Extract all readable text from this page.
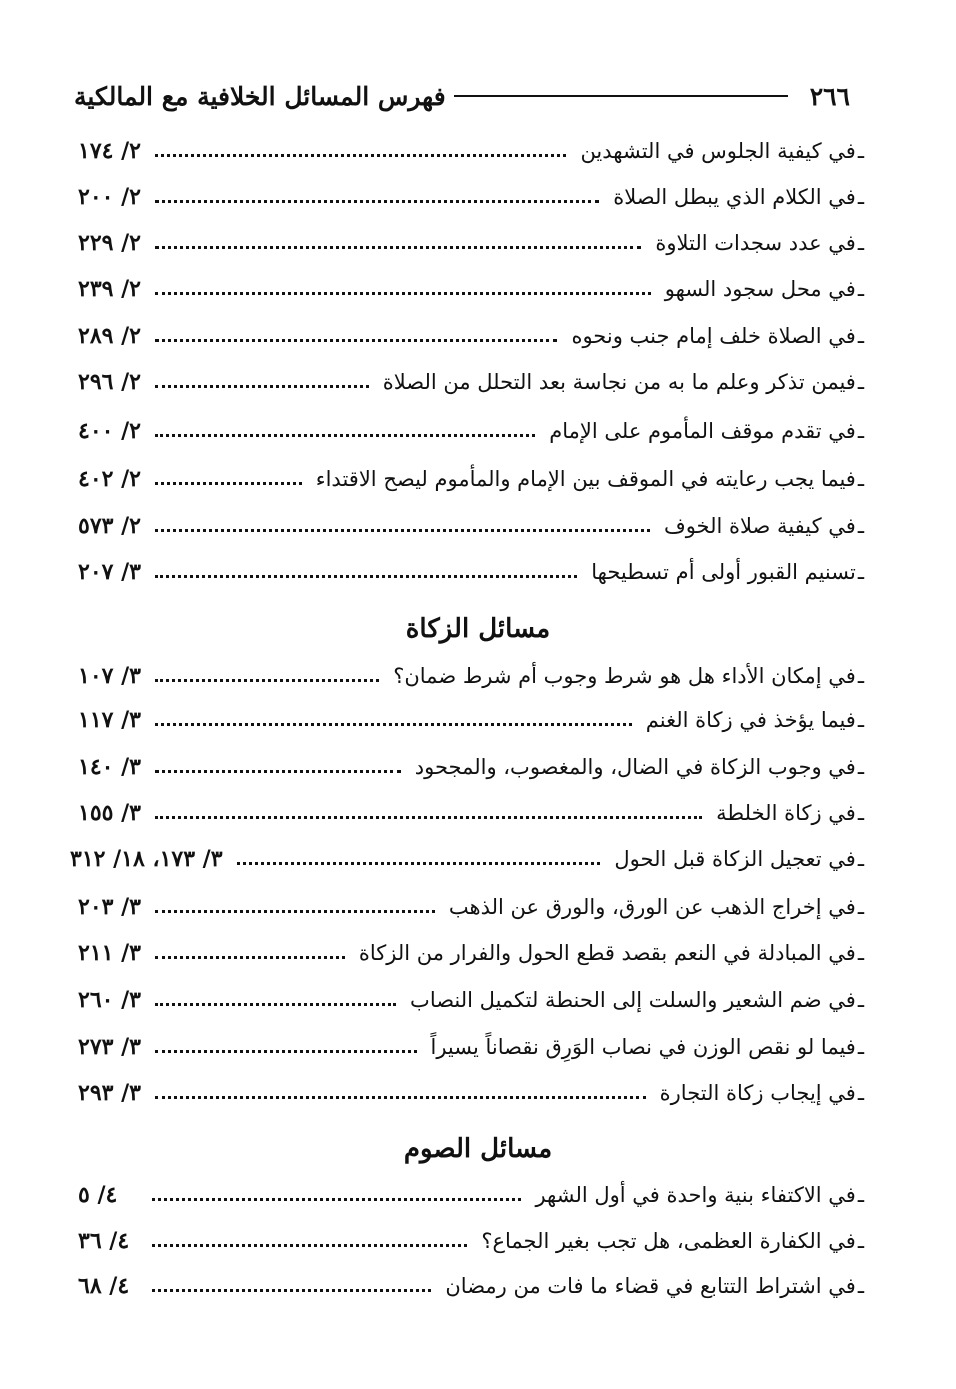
٢٦٦
فهرس المسائل الخلافية مع المالكية
ـ
في كيفية الجلوس في التشهدين
٢/ ١٧٤
ـ
في الكلام الذي يبطل الصلاة
٢/ ٢٠٠
ـ
في عدد سجدات التلاوة
٢/ ٢٢٩
ـ
في محل سجود السهو
٢/ ٢٣٩
ـ
في الصلاة خلف إمام جنب ونحوه
٢/ ٢٨٩
ـ
فيمن تذكر وعلم ما به من نجاسة بعد التحلل من الصلاة
٢/ ٢٩٦
ـ
في تقدم موقف المأموم على الإمام
٢/ ٤٠٠
ـ
فيما يجب رعايته في الموقف بين الإمام والمأموم ليصح الاقتداء
٢/ ٤٠٢
ـ
في كيفية صلاة الخوف
٢/ ٥٧٣
ـ
تسنيم القبور أولى أم تسطيحها
٣/ ٢٠٧
مسائل الزكاة
ـ
في إمكان الأداء هل هو شرط وجوب أم شرط ضمان؟
٣/ ١٠٧
ـ
فيما يؤخذ في زكاة الغنم
٣/ ١١٧
ـ
في وجوب الزكاة في الضال، والمغصوب، والمجحود
٣/ ١٤٠
ـ
في زكاة الخلطة
٣/ ١٥٥
ـ
في تعجيل الزكاة قبل الحول
٣/ ١٧٣، ١٨/ ٣١٢
ـ
في إخراج الذهب عن الورق، والورق عن الذهب
٣/ ٢٠٣
ـ
في المبادلة في النعم بقصد قطع الحول والفرار من الزكاة
٣/ ٢١١
ـ
في ضم الشعير والسلت إلى الحنطة لتكميل النصاب
٣/ ٢٦٠
ـ
فيما لو نقص الوزن في نصاب الوَرِق نقصاناً يسيراً
٣/ ٢٧٣
ـ
في إيجاب زكاة التجارة
٣/ ٢٩٣
مسائل الصوم
ـ
في الاكتفاء بنية واحدة في أول الشهر
٤/ ٥
ـ
في الكفارة العظمى، هل تجب بغير الجماع؟
٤/ ٣٦
ـ
في اشتراط التتابع في قضاء ما فات من رمضان
٤/ ٦٨
